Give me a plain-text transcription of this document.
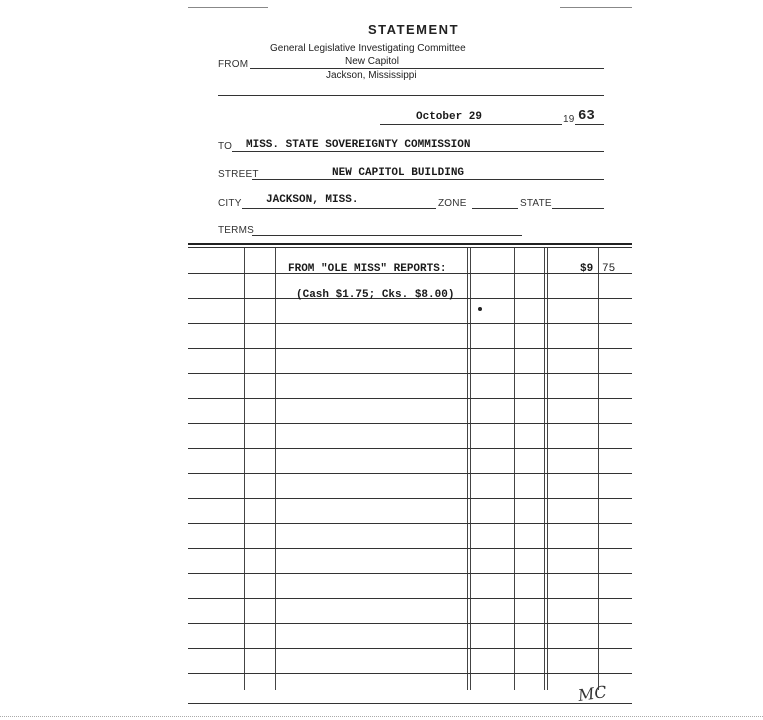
STATEMENT
General Legislative Investigating Committee
FROM	New Capitol
Jackson, Mississippi
October 29	19 63
TO MISS. STATE SOVEREIGNTY COMMISSION
STREET	NEW CAPITOL BUILDING
CITY JACKSON, MISS.	ZONE	STATE
TERMS
FROM "OLE MISS" REPORTS:	$9 75
(Cash $1.75; Cks. $8.00)
MC
